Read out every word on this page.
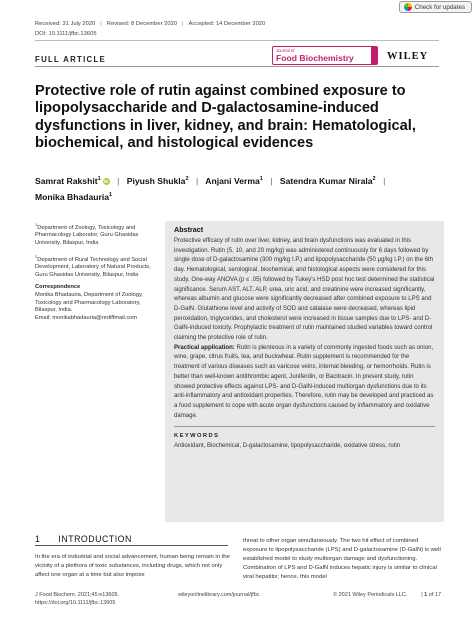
Check for updates
Received: 31 July 2020 | Revised: 8 December 2020 | Accepted: 14 December 2020
DOI: 10.1111/jfbc.13605
FULL ARTICLE
Journal of
Food Biochemistry	WILEY
Protective role of rutin against combined exposure to lipopolysaccharide and D-galactosamine-induced dysfunctions in liver, kidney, and brain: Hematological, biochemical, and histological evidences
Samrat Rakshit$^1$ iD | Piyush Shukla$^2$ | Anjani Verma$^1$ | Satendra Kumar Nirala$^2$ |
Monika Bhadauria$^1$

$^1$Department of Zoology, Toxicology and Pharmacology Laborator, Guru Ghasidas University, Bilaspur, India

$^2$Department of Rural Technology and Social Development, Laboratory of Natural Products, Guru Ghasidas University, Bilaspur, India

Correspondence

Monika Bhadauria, Department of Zoology, Toxicology and Pharmacology Laboratory, Bilaspur, India.

Email: monikabhadauria@rediffmail.com

Abstract

Protective efficacy of rutin over liver, kidney, and brain dysfunctions was evaluated in this investigation. Rutin (5, 10, and 20 mg/kg) was administered continuously for 6 days followed by single dose of D-galactosamine (300 mg/kg I.P.) and lipopolysaccharide (50 μg/kg I.P.) on the 6th day. Hematological, serological, biochemical, and histological aspects were considered for this study. One-way ANOVA (p ≤ .05) followed by Tukey's HSD post hoc test determined the statistical significance. Serum AST, ALT, ALP, urea, uric acid, and creatinine were increased significantly, whereas albumin and glucose were significantly decreased after combined exposure to LPS and D-GalN. Glutathione level and activity of SOD and catalase were decreased, whereas lipid peroxidation, triglycerides, and cholesterol were increased in tissue samples due to LPS- and D-GalN-induced toxicity. Prophylactic treatment of rutin maintained studied variables toward control claiming the protective role of rutin.

Practical application: Rutin is plenteous in a variety of commonly ingested foods such as onion, wine, grape, citrus fruits, tea, and buckwheat. Rutin supplement is recommended for the treatment of various diseases such as varicose veins, internal bleeding, or hemorrhoids. Rutin is better than well-known antithrombic agent, Juniferdin, or Bacitracin. In present study, rutin showed protective effects against LPS- and D-GalN-induced multiorgan dysfunctions due to its anti-inflammatory and antioxidant properties. Therefore, rutin may be developed and practiced as a food supplement to cope with acute organ dysfunctions caused by inflammatory and oxidative damage.

KEYWORDS
Antioxidant, Biochemical, D-galactosamine, lipopolysaccharide, oxidative stress, rutin
1 INTRODUCTION

In the era of industrial and social advancement, human being remain in the vicinity of a plethora of toxic substances, including drugs, which not only affect one organ at a time but also impose

threat to other organ simultaneously. The two hit effect of combined exposure to lipopolysaccharide (LPS) and D-galactosamine (D-GalN) is well established model to study multiorgan damage and dysfunctioning. Combination of LPS and D-GalN induces hepatic injury is similar to clinical viral hepatitis; hence, this model

J Food Biochem. 2021;45:e13605.
https://doi.org/10.1111/jfbc.13605
wileyonlinelibrary.com/journal/jfbc	© 2021 Wiley Periodicals LLC.	| 1 of 17
